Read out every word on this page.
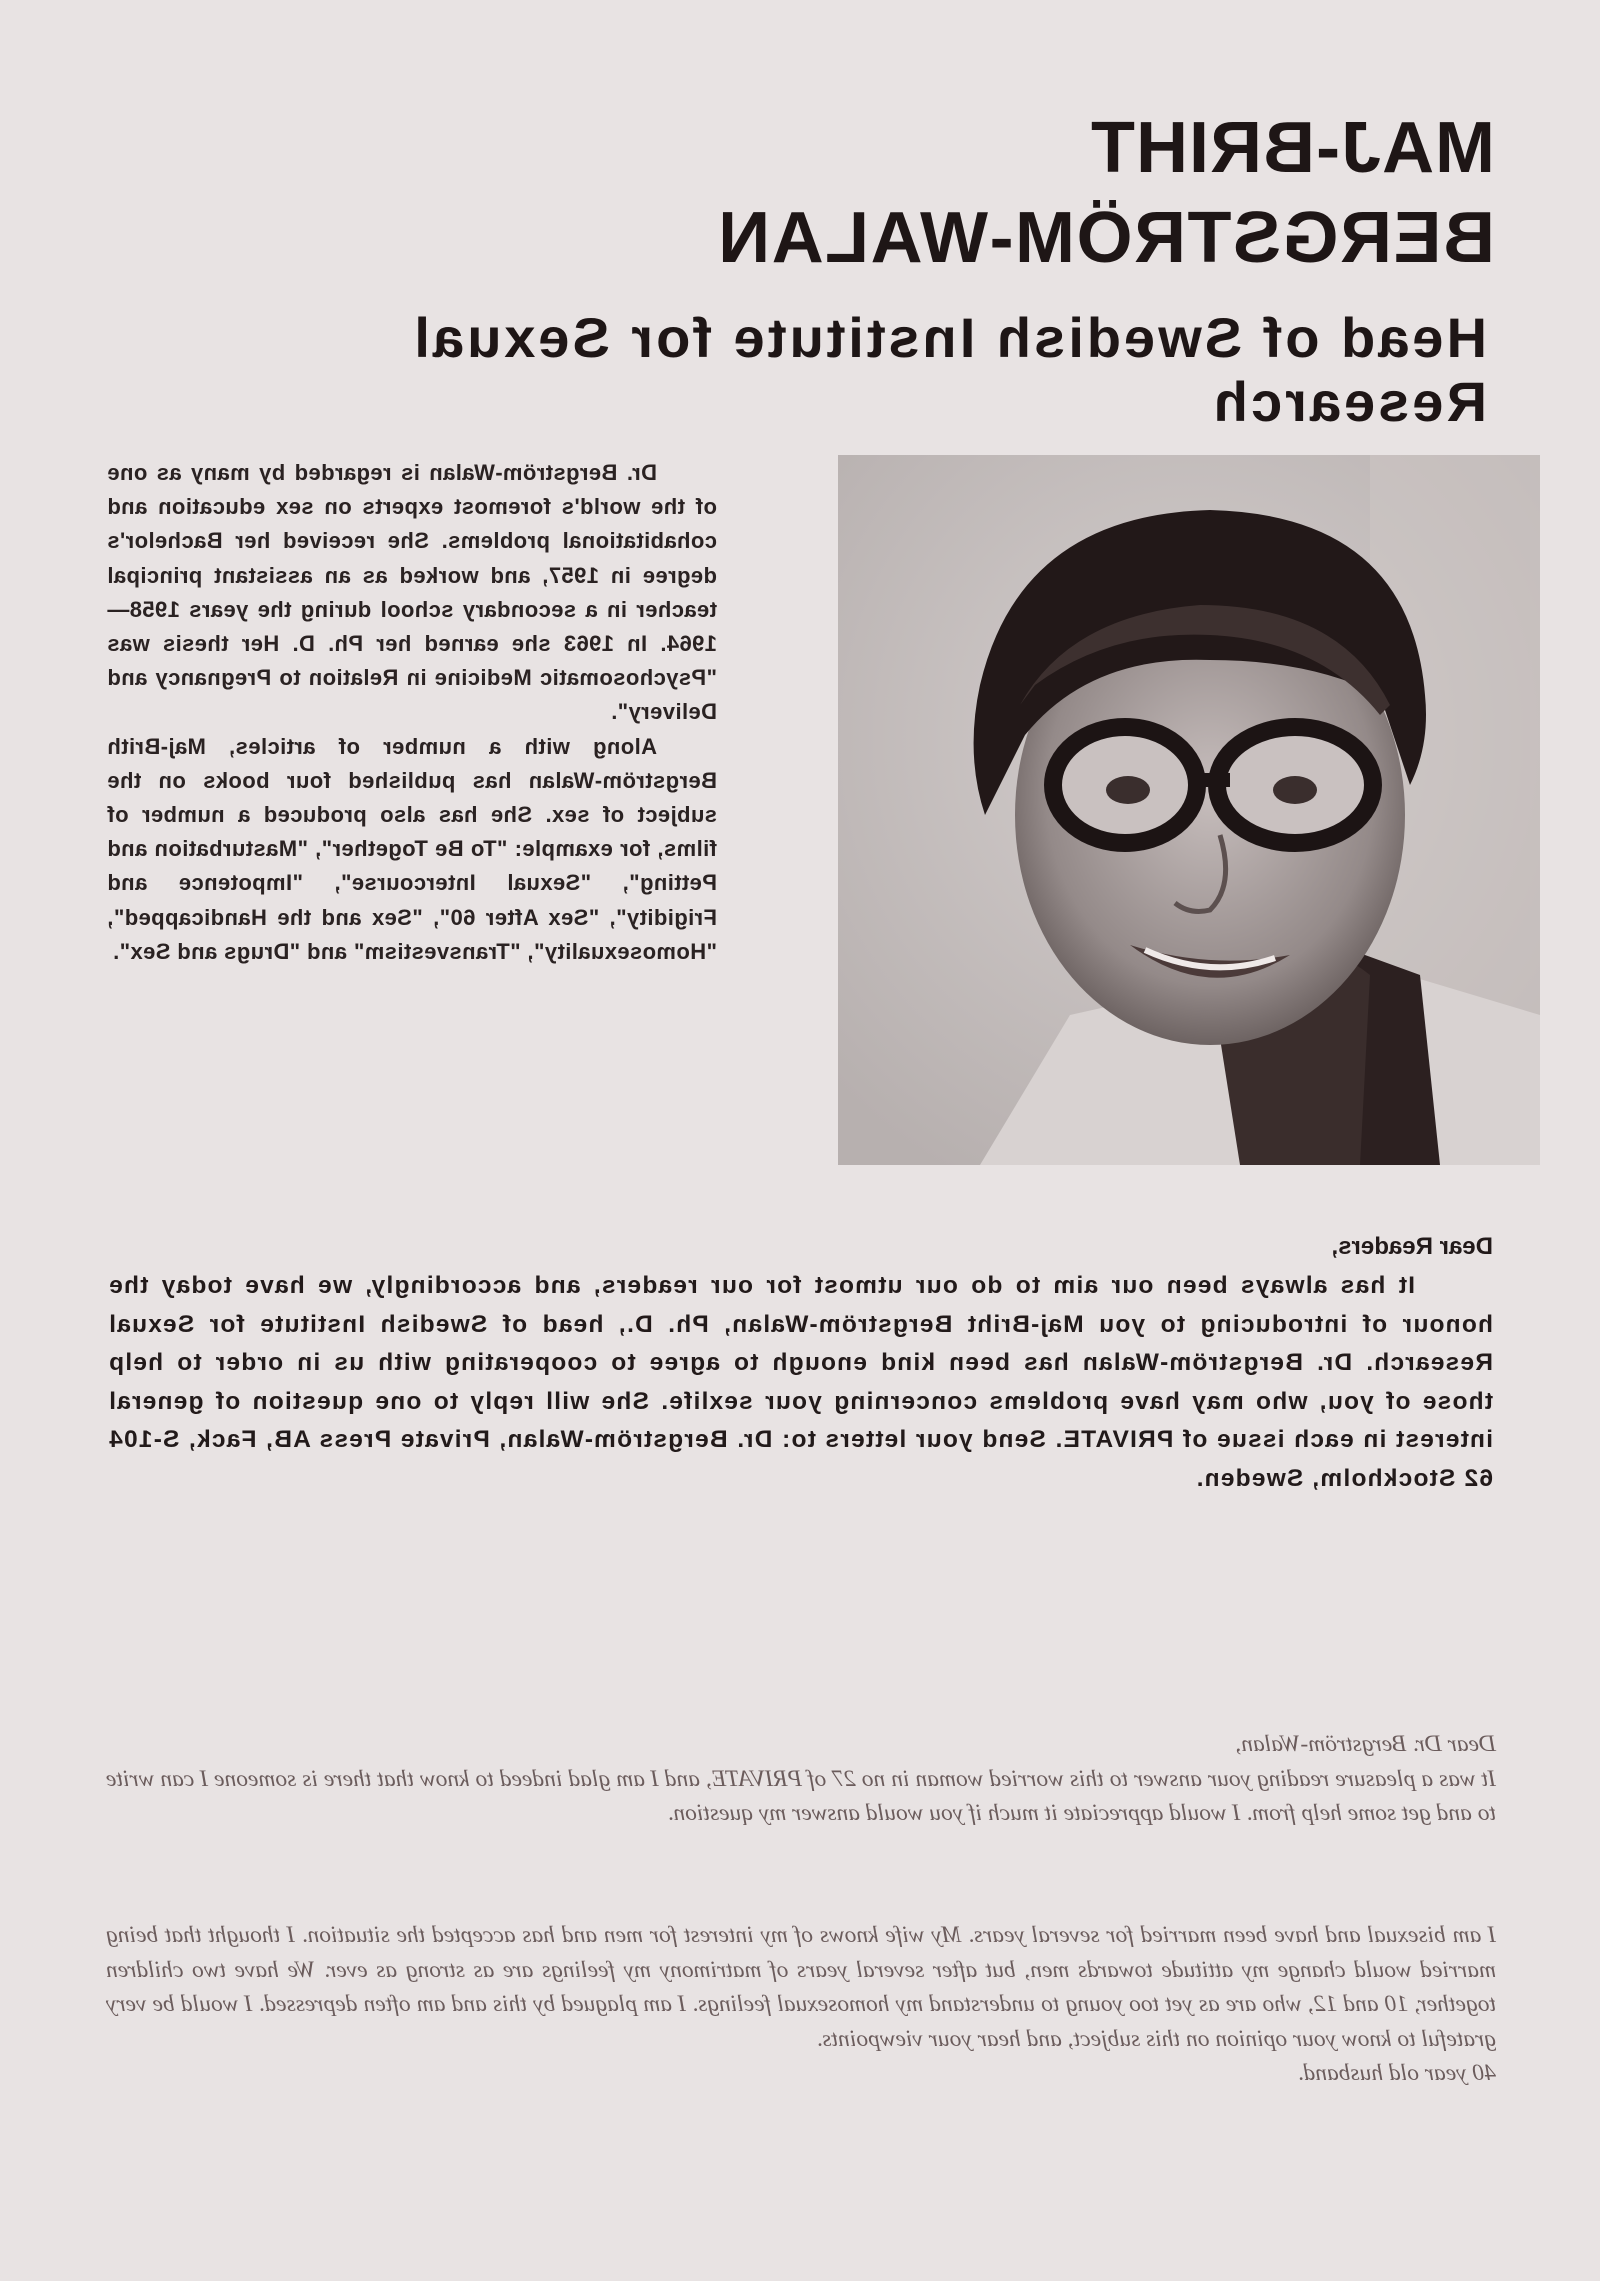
MAJ-BRIHT
BERGSTRÖM-WALAN
Head of Swedish Institute for Sexual Research

Dr. Bergström-Walan is regarded by many as one of the world's foremost experts on sex education and cohabitational problems. She received her Bachelor's degree in 1957, and worked as an assistant principal teacher in a secondary school during the years 1958—1964. In 1963 she earned her Ph. D. Her thesis was "Psychosomatic Medicine in Relation to Pregnancy and Delivery".

Along with a number of articles, Maj-Brith Bergström-Walan has published four books on the subject of sex. She has also produced a number of films, for example: "To Be Together", "Masturbation and Petting", "Sexual Intercourse", "Impotence and Frigidity", "Sex After 60", "Sex and the Handicapped", "Homosexuality", "Transvestism" and "Drugs and Sex".

Dear Readers,

It has always been our aim to do our utmost for our readers, and accordingly, we have today the honour of introducing to you Maj-Briht Bergström-Walan, Ph. D., head of Swedish Institute for Sexual Research. Dr. Bergström-Walan has been kind enough to agree to cooperating with us in order to help those of you, who may have problems concerning your sexlife. She will reply to one question of general interest in each issue of PRIVATE. Send your letters to: Dr. Bergström-Walan, Private Press AB, Fack, S-104 62 Stockholm, Sweden.

Dear Dr. Bergström-Walan,

It was a pleasure reading your answer to this worried woman in no 27 of PRIVATE, and I am glad indeed to know that there is someone I can write to and get some help from. I would appreciate it much if you would answer my question.

I am bisexual and have been married for several years. My wife knows of my interest for men and has accepted the situation. I thought that being married would change my attitude towards men, but after several years of matrimony my feelings are as strong as ever. We have two children together, 10 and 12, who are as yet too young to understand my homosexual feelings. I am plagued by this and am often depressed. I would be very grateful to know your opinion on this subject, and hear your viewpoints.

40 year old husband.
